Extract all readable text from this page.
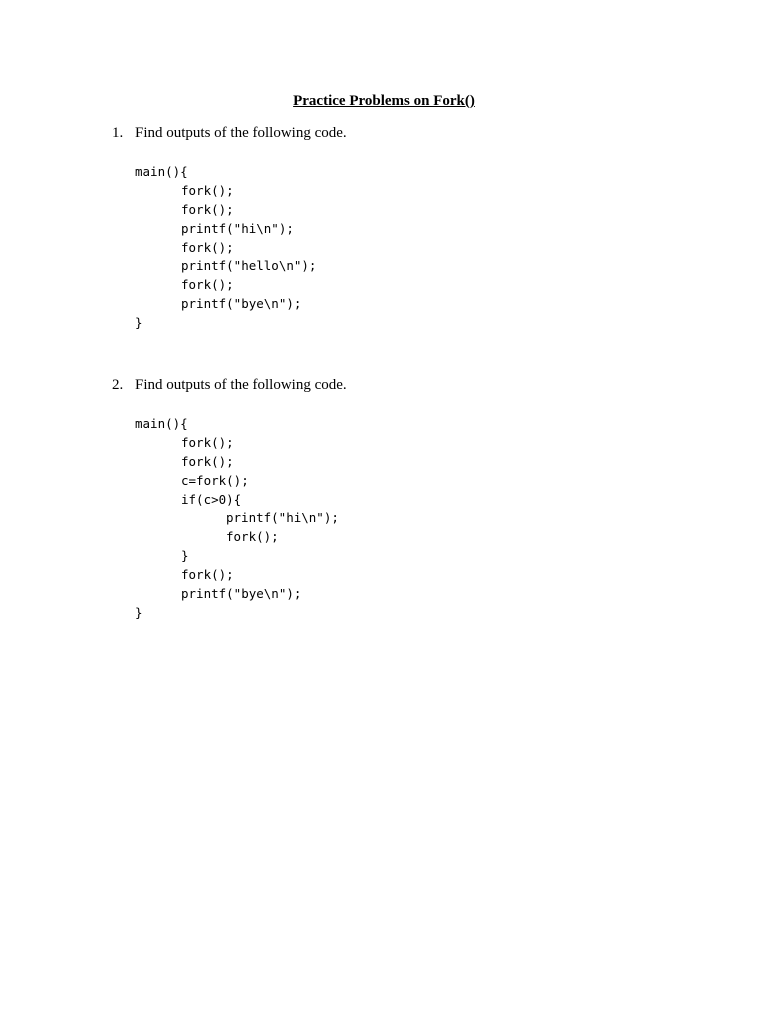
Practice Problems on Fork()
1. Find outputs of the following code.
main(){
fork();
fork();
printf("hi\n");
fork();
printf("hello\n");
fork();
printf("bye\n");
}
2. Find outputs of the following code.
main(){
fork();
fork();
c=fork();
if(c>0){
printf("hi\n");
fork();
}
fork();
printf("bye\n");
}
